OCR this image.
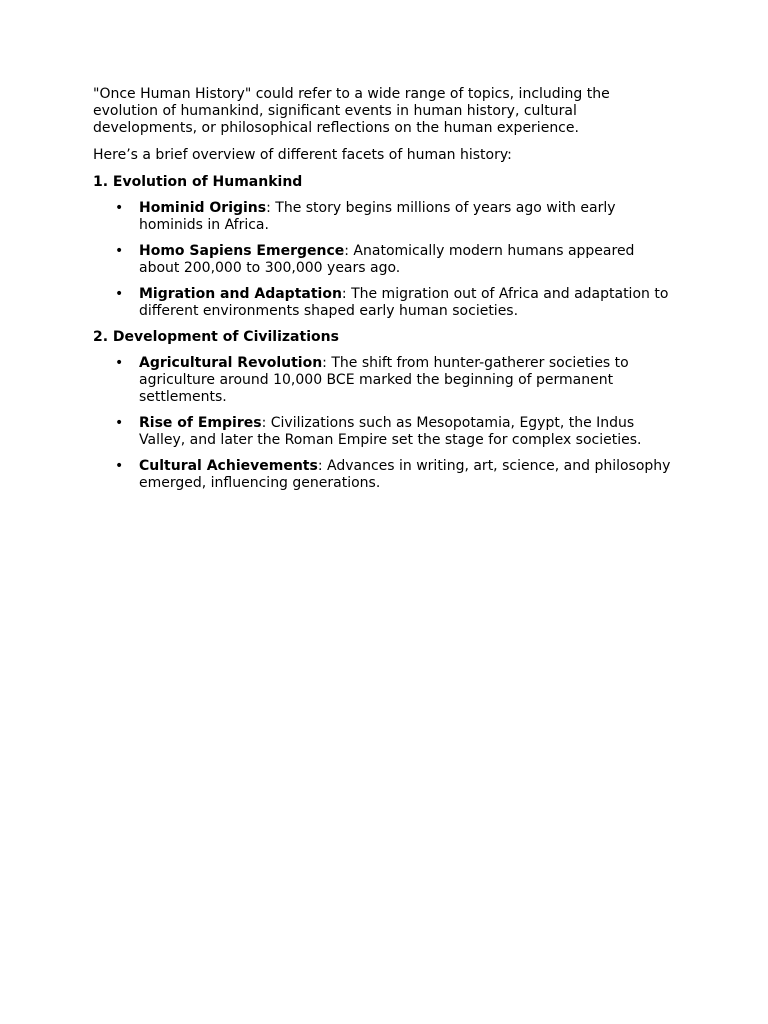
"Once Human History" could refer to a wide range of topics, including the evolution of humankind, significant events in human history, cultural developments, or philosophical reflections on the human experience.

Here’s a brief overview of different facets of human history:

1. Evolution of Humankind
• Hominid Origins: The story begins millions of years ago with early hominids in Africa.
• Homo Sapiens Emergence: Anatomically modern humans appeared about 200,000 to 300,000 years ago.
• Migration and Adaptation: The migration out of Africa and adaptation to different environments shaped early human societies.
2. Development of Civilizations
• Agricultural Revolution: The shift from hunter-gatherer societies to agriculture around 10,000 BCE marked the beginning of permanent settlements.
• Rise of Empires: Civilizations such as Mesopotamia, Egypt, the Indus Valley, and later the Roman Empire set the stage for complex societies.
• Cultural Achievements: Advances in writing, art, science, and philosophy emerged, influencing generations.
